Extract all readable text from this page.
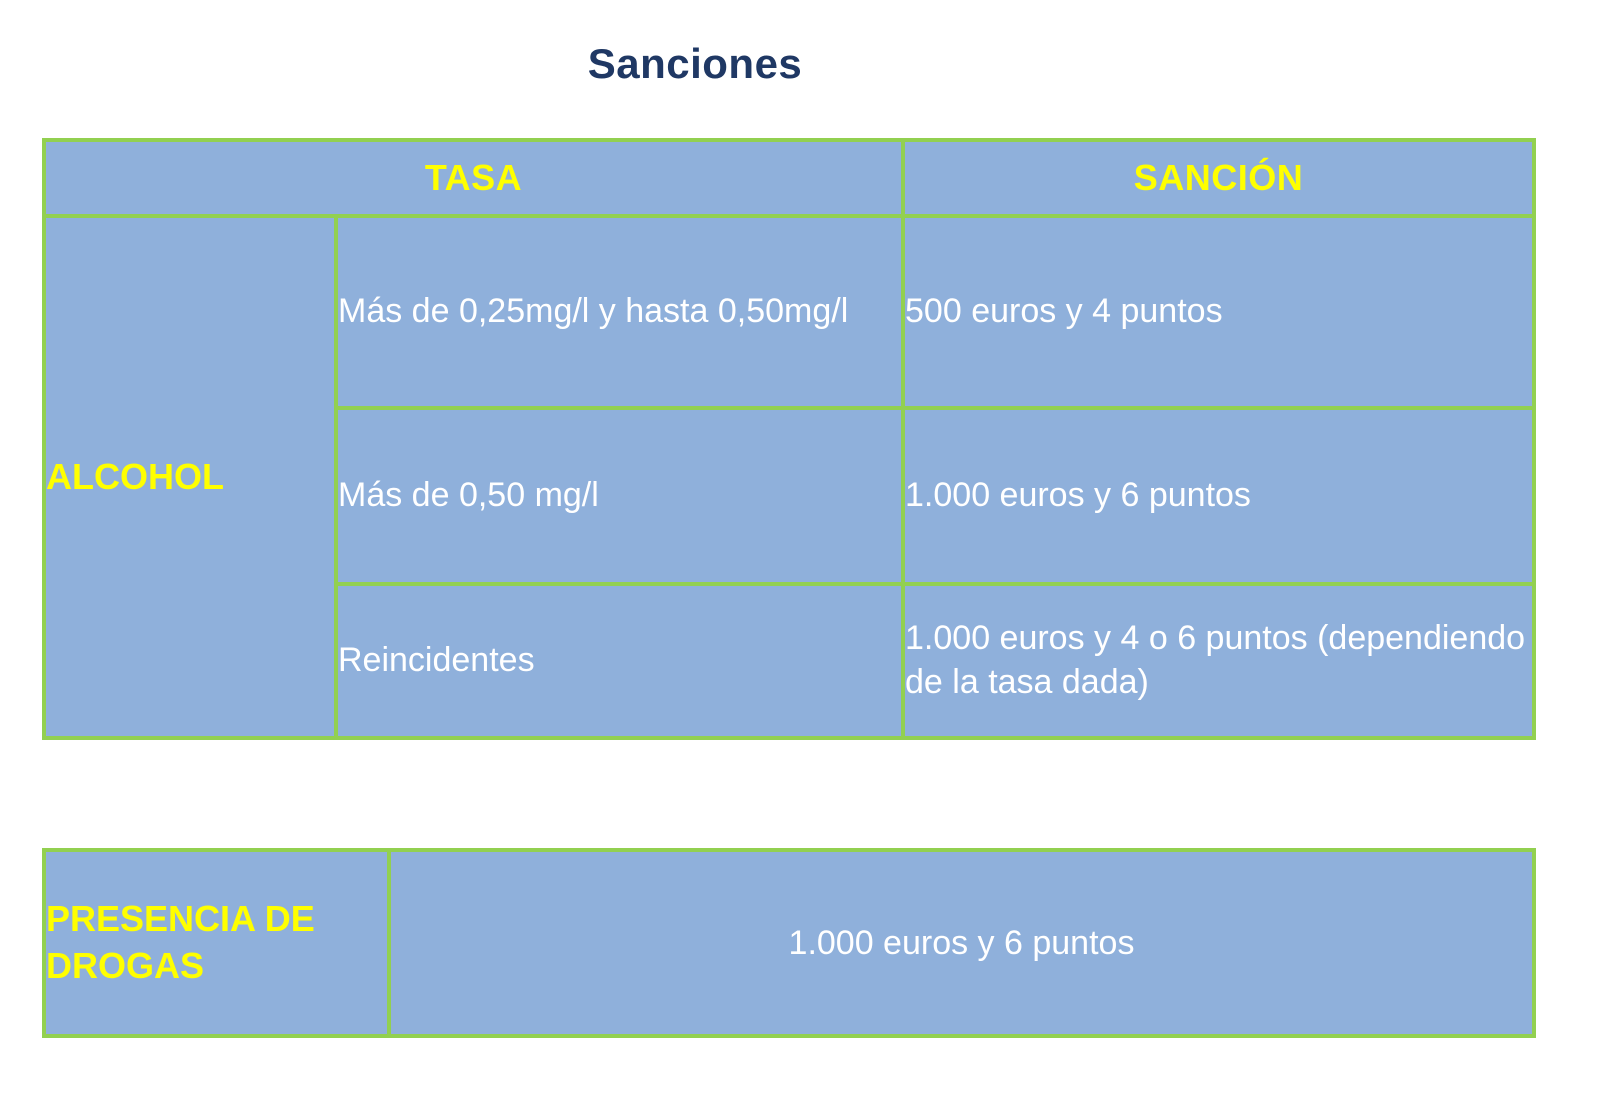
Sanciones
TASA		SANCIÓN
ALCOHOL	Más de 0,25mg/l y hasta 0,50mg/l	500 euros y 4 puntos
	Más de 0,50 mg/l	1.000 euros y 6 puntos
	Reincidentes	1.000 euros y 4 o 6 puntos (dependiendo de la tasa dada)
PRESENCIA DE DROGAS	1.000 euros y 6 puntos
